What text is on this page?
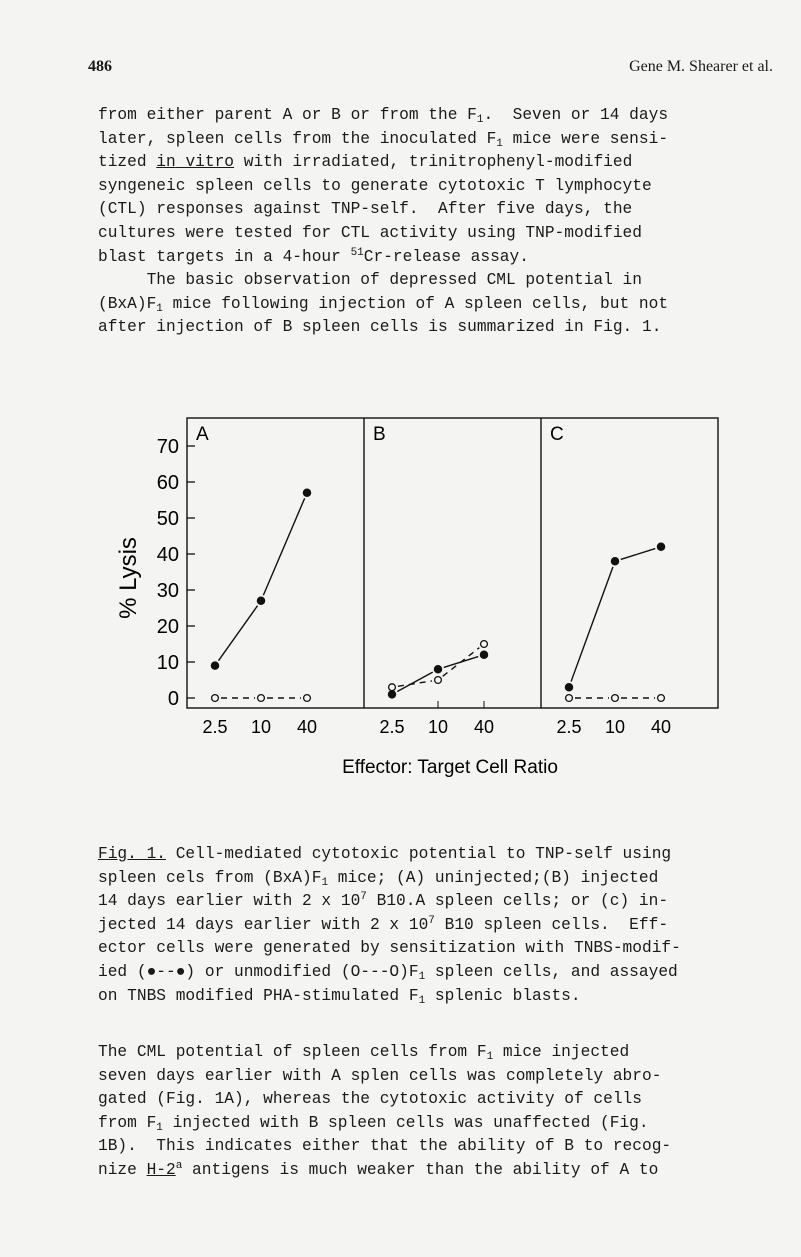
486	Gene M. Shearer et al.
from either parent A or B or from the $F_1$.  Seven or 14 days
later, spleen cells from the inoculated $F_1$ mice were sensi-
tized in vitro with irradiated, trinitrophenyl-modified
syngeneic spleen cells to generate cytotoxic T lymphocyte
(CTL) responses against TNP-self.  After five days, the
cultures were tested for CTL activity using TNP-modified
blast targets in a 4-hour $^{51}$Cr-release assay.
The basic observation of depressed CML potential in
$(BxA)F_1$ mice following injection of A spleen cells, but not
after injection of B spleen cells is summarized in Fig. 1.
70
60
50
40
30
20
10
0
A
2.5 10 40
B
2.5 10 40
C
2.5 10 40
% Lysis
Effector: Target Cell Ratio
Fig. 1. Cell-mediated cytotoxic potential to TNP-self using
spleen cels from $(BxA)F_1$ mice; (A) uninjected;(B) injected
14 days earlier with 2 x $10^7$ B10.A spleen cells; or (c) in-
jected 14 days earlier with 2 x $10^7$ B10 spleen cells.  Eff-
ector cells were generated by sensitization with TNBS-modif-
ied (●--●) or unmodified $(O---O)F_1$ spleen cells, and assayed
on TNBS modified PHA-stimulated $F_1$ splenic blasts.
The CML potential of spleen cells from $F_1$ mice injected
seven days earlier with A splen cells was completely abro-
gated (Fig. 1A), whereas the cytotoxic activity of cells
from $F_1$ injected with B spleen cells was unaffected (Fig.
1B).  This indicates either that the ability of B to recog-
nize H-2$^a$ antigens is much weaker than the ability of A to
